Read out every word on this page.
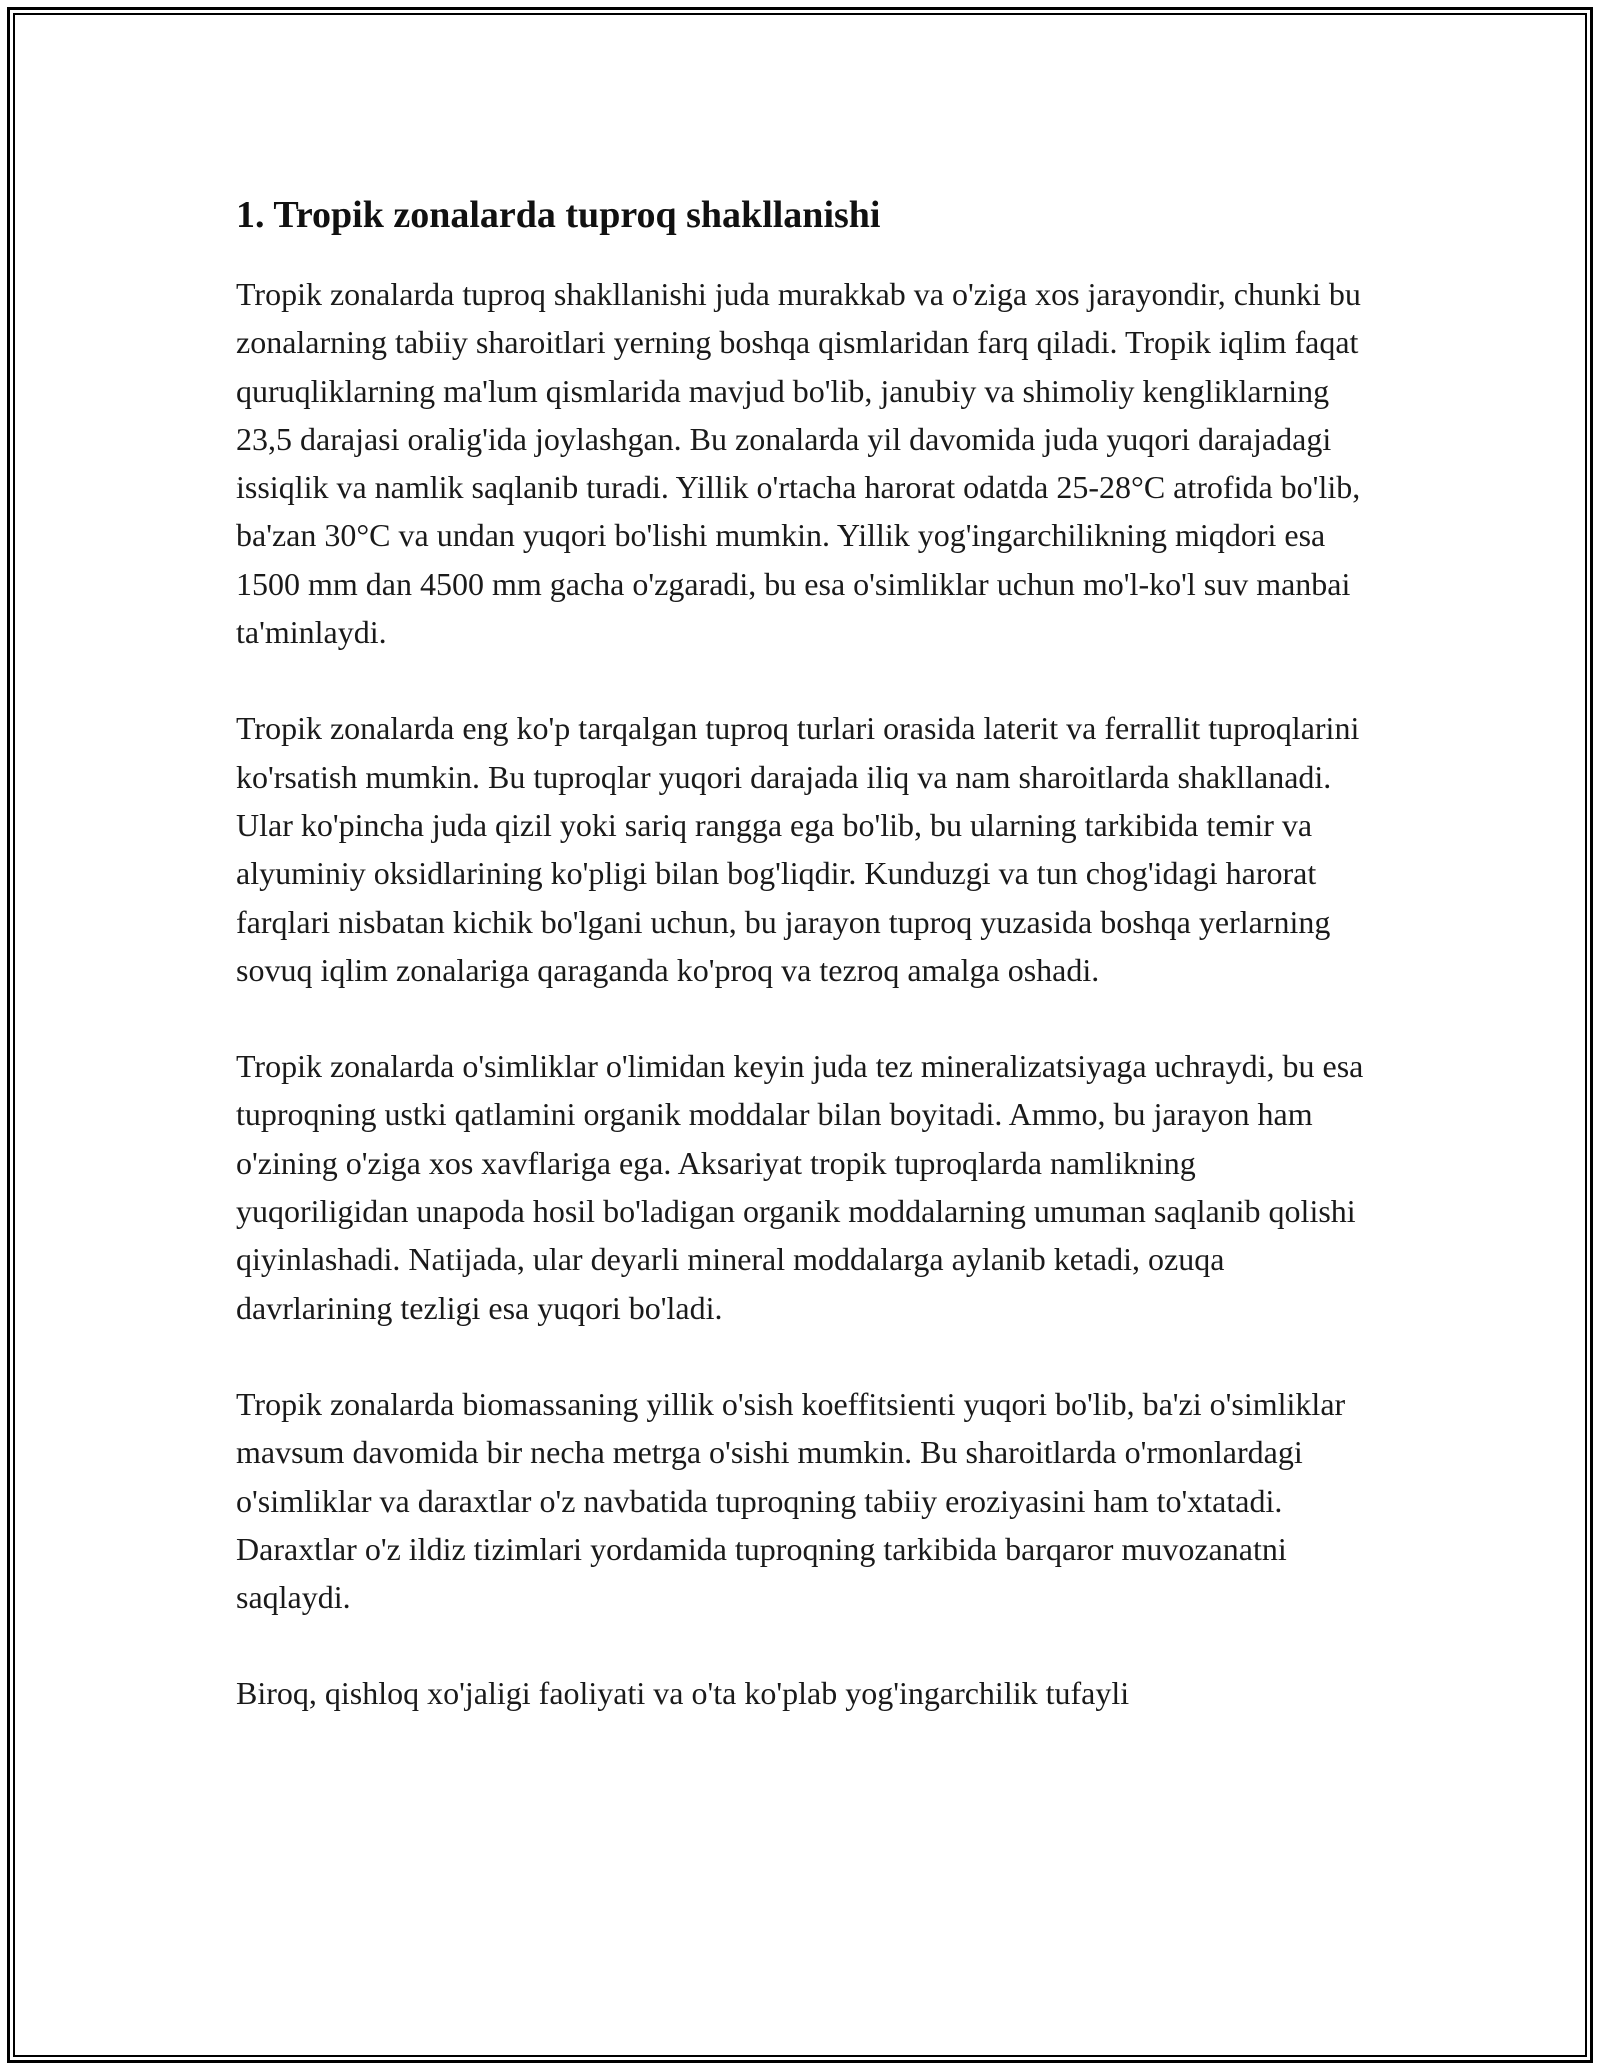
1. Tropik zonalarda tuproq shakllanishi

Tropik zonalarda tuproq shakllanishi juda murakkab va o'ziga xos jarayondir, chunki bu zonalarning tabiiy sharoitlari yerning boshqa qismlaridan farq qiladi. Tropik iqlim faqat quruqliklarning ma'lum qismlarida mavjud bo'lib, janubiy va shimoliy kengliklarning 23,5 darajasi oralig'ida joylashgan. Bu zonalarda yil davomida juda yuqori darajadagi issiqlik va namlik saqlanib turadi. Yillik o'rtacha harorat odatda 25-28°C atrofida bo'lib, ba'zan 30°C va undan yuqori bo'lishi mumkin. Yillik yog'ingarchilikning miqdori esa 1500 mm dan 4500 mm gacha o'zgaradi, bu esa o'simliklar uchun mo'l-ko'l suv manbai ta'minlaydi.

Tropik zonalarda eng ko'p tarqalgan tuproq turlari orasida laterit va ferrallit tuproqlarini ko'rsatish mumkin. Bu tuproqlar yuqori darajada iliq va nam sharoitlarda shakllanadi. Ular ko'pincha juda qizil yoki sariq rangga ega bo'lib, bu ularning tarkibida temir va alyuminiy oksidlarining ko'pligi bilan bog'liqdir. Kunduzgi va tun chog'idagi harorat farqlari nisbatan kichik bo'lgani uchun, bu jarayon tuproq yuzasida boshqa yerlarning sovuq iqlim zonalariga qaraganda ko'proq va tezroq amalga oshadi.

Tropik zonalarda o'simliklar o'limidan keyin juda tez mineralizatsiyaga uchraydi, bu esa tuproqning ustki qatlamini organik moddalar bilan boyitadi. Ammo, bu jarayon ham o'zining o'ziga xos xavflariga ega. Aksariyat tropik tuproqlarda namlikning yuqoriligidan unapoda hosil bo'ladigan organik moddalarning umuman saqlanib qolishi qiyinlashadi. Natijada, ular deyarli mineral moddalarga aylanib ketadi, ozuqa davrlarining tezligi esa yuqori bo'ladi.

Tropik zonalarda biomassaning yillik o'sish koeffitsienti yuqori bo'lib, ba'zi o'simliklar mavsum davomida bir necha metrga o'sishi mumkin. Bu sharoitlarda o'rmonlardagi o'simliklar va daraxtlar o'z navbatida tuproqning tabiiy eroziyasini ham to'xtatadi. Daraxtlar o'z ildiz tizimlari yordamida tuproqning tarkibida barqaror muvozanatni saqlaydi.

Biroq, qishloq xo'jaligi faoliyati va o'ta ko'plab yog'ingarchilik tufayli
